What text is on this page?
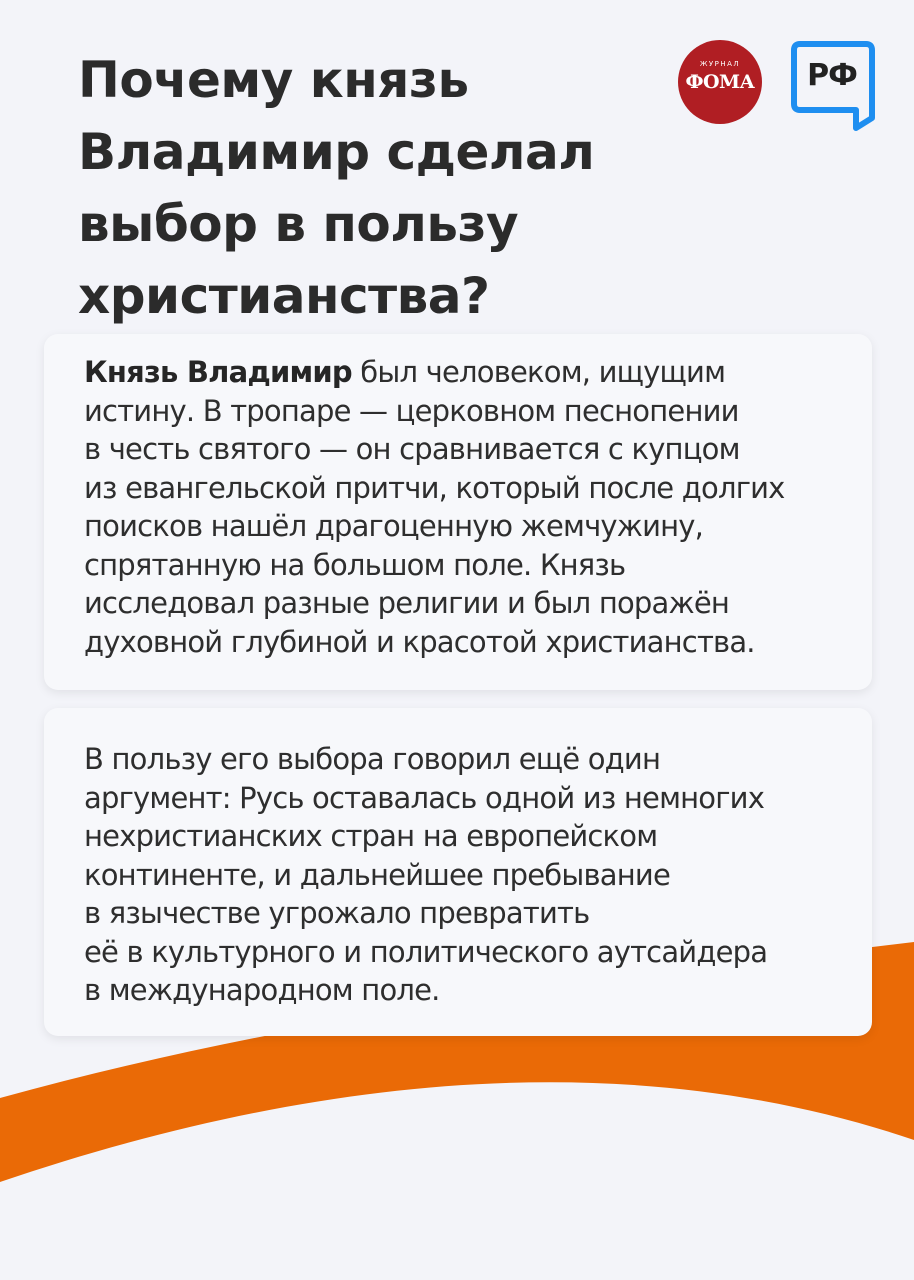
Почему князь
Владимир сделал
выбор в пользу
христианства?
ЖУРНАЛ
ФОМА	РФ

Князь Владимир был человеком, ищущим
истину. В тропаре — церковном песнопении
в честь святого — он сравнивается с купцом
из евангельской притчи, который после долгих
поисков нашёл драгоценную жемчужину,
спрятанную на большом поле. Князь
исследовал разные религии и был поражён
духовной глубиной и красотой христианства.

В пользу его выбора говорил ещё один
аргумент: Русь оставалась одной из немногих
нехристианских стран на европейском
континенте, и дальнейшее пребывание
в язычестве угрожало превратить
её в культурного и политического аутсайдера
в международном поле.
